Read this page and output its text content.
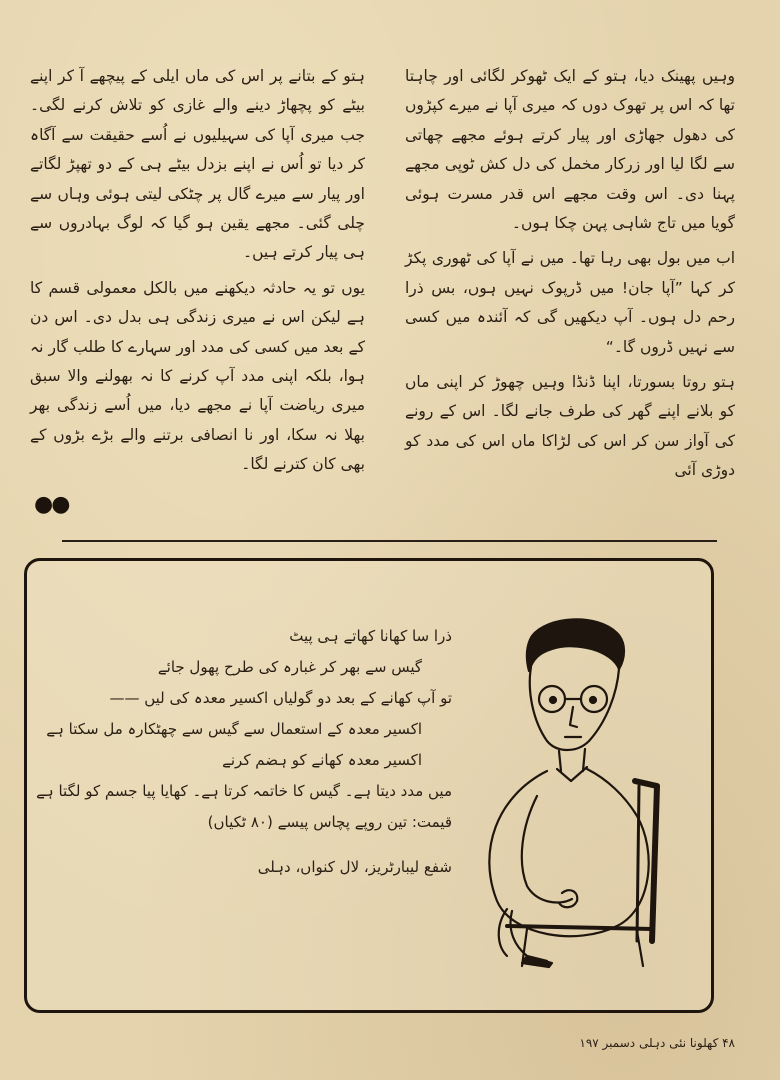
وہیں پھینک دیا، ہتو کے ایک ٹھوکر لگائی اور چاہتا تھا کہ اس پر تھوک دوں کہ میری آپا نے میرے کپڑوں کی دھول جھاڑی اور پیار کرتے ہوئے مجھے چھاتی سے لگا لیا اور زرکار مخمل کی دل کش ٹوپی مجھے پہنا دی۔ اس وقت مجھے اس قدر مسرت ہوئی گویا میں تاج شاہی پہن چکا ہوں۔

اب میں بول بھی رہا تھا۔ میں نے آپا کی ٹھوری پکڑ کر کہا ”آپا جان! میں ڈرپوک نہیں ہوں، بس ذرا رحم دل ہوں۔ آپ دیکھیں گی کہ آئندہ میں کسی سے نہیں ڈروں گا۔“

ہتو روتا بسورتا، اپنا ڈنڈا وہیں چھوڑ کر اپنی ماں کو بلانے اپنے گھر کی طرف جانے لگا۔ اس کے رونے کی آواز سن کر اس کی لڑاکا ماں اس کی مدد کو دوڑی آئی

ہتو کے بتانے پر اس کی ماں ایلی کے پیچھے آ کر اپنے بیٹے کو پچھاڑ دینے والے غازی کو تلاش کرنے لگی۔ جب میری آپا کی سہیلیوں نے اُسے حقیقت سے آگاہ کر دیا تو اُس نے اپنے بزدل بیٹے ہی کے دو تھپڑ لگاتے اور پیار سے میرے گال پر چٹکی لیتی ہوئی وہاں سے چلی گئی۔ مجھے یقین ہو گیا کہ لوگ بہادروں سے ہی پیار کرتے ہیں۔

یوں تو یہ حادثہ دیکھنے میں بالکل معمولی قسم کا ہے لیکن اس نے میری زندگی ہی بدل دی۔ اس دن کے بعد میں کسی کی مدد اور سہارے کا طلب گار نہ ہوا، بلکہ اپنی مدد آپ کرنے کا نہ بھولنے والا سبق میری ریاضت آپا نے مجھے دیا، میں اُسے زندگی بھر بھلا نہ سکا، اور نا انصافی برتنے والے بڑے بڑوں کے بھی کان کترنے لگا۔

●●
ذرا سا کھانا کھاتے ہی پیٹ
گیس سے بھر کر غبارہ کی طرح پھول جائے
تو آپ کھانے کے بعد دو گولیاں اکسیر معدہ کی لیں ——
اکسیر معدہ کے استعمال سے گیس سے چھٹکارہ مل سکتا ہے
اکسیر معدہ کھانے کو ہضم کرنے
میں مدد دیتا ہے۔ گیس کا خاتمہ کرتا ہے۔ کھایا پیا جسم کو لگتا ہے
قیمت: تین روپے پچاس پیسے (۸۰ ٹکیاں)
شفع لیبارٹریز، لال کنواں، دہلی
۴۸ کھلونا نئی دہلی دسمبر ۱۹۷
